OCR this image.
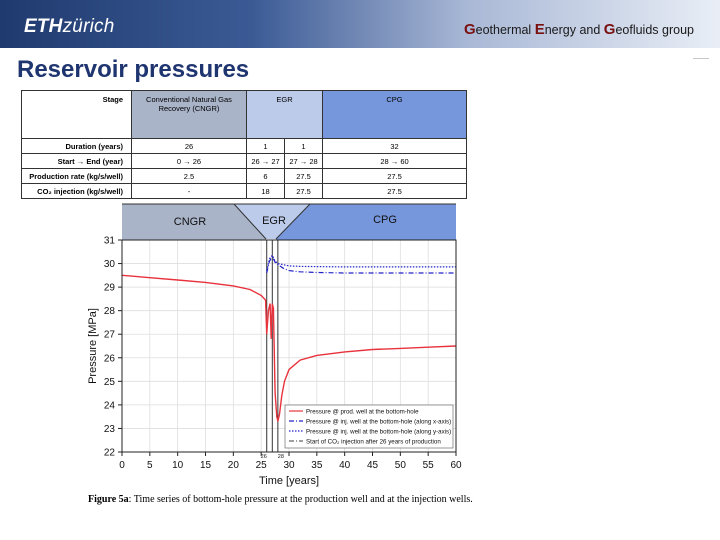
ETHzürich	Geothermal Energy and Geofluids group
Reservoir pressures
Stage	Conventional Natural Gas Recovery (CNGR)	EGR		CPG
Duration (years)	26	1	1	32
Start → End (year)	0 → 26	26 → 27	27 → 28	28 → 60
Production rate (kg/s/well)	2.5	6	27.5	27.5
CO₂ injection (kg/s/well)	-	18	27.5	27.5
CNGR	EGR	CPG
26 28
0 5 10 15 20 25 30 35 40 45 50 55 60
22
23
24
25
26
27
28
29
30
31
Time [years]
Pressure [MPa]
Pressure @ prod. well at the bottom-hole
Pressure @ inj. well at the bottom-hole (along x-axis)
Pressure @ inj. well at the bottom-hole (along y-axis)
Start of CO₂ injection after 26 years of production
Figure 5a: Time series of bottom-hole pressure at the production well and at the injection wells.
